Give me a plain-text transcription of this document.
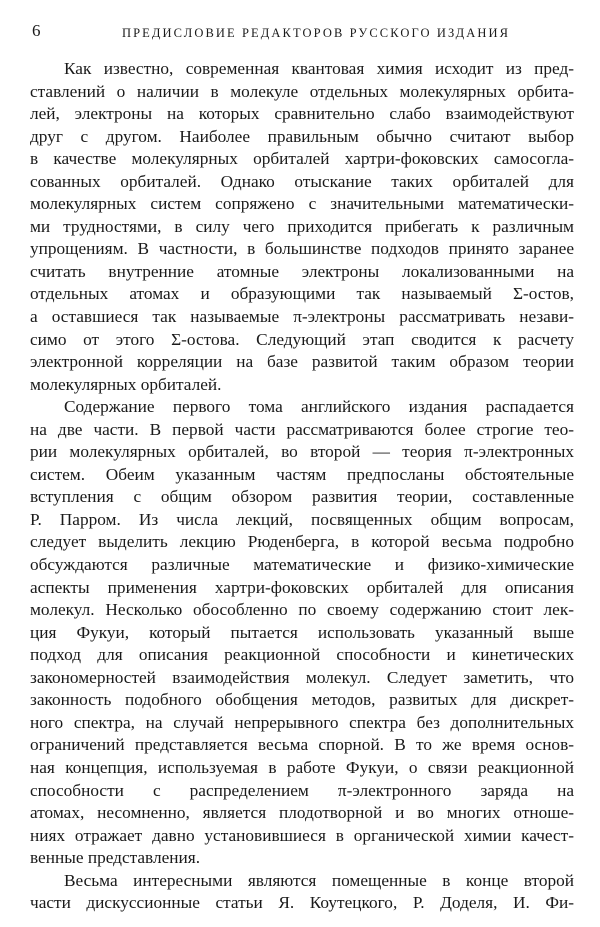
6	ПРЕДИСЛОВИЕ РЕДАКТОРОВ РУССКОГО ИЗДАНИЯ
Как известно, современная квантовая химия исходит из пред-
ставлений о наличии в молекуле отдельных молекулярных орбита-
лей, электроны на которых сравнительно слабо взаимодействуют
друг с другом. Наиболее правильным обычно считают выбор
в качестве молекулярных орбиталей хартри-фоковских самосогла-
сованных орбиталей. Однако отыскание таких орбиталей для
молекулярных систем сопряжено с значительными математически-
ми трудностями, в силу чего приходится прибегать к различным
упрощениям. В частности, в большинстве подходов принято заранее
считать внутренние атомные электроны локализованными на
отдельных атомах и образующими так называемый Σ-остов,
а оставшиеся так называемые π-электроны рассматривать незави-
симо от этого Σ-остова. Следующий этап сводится к расчету
электронной корреляции на базе развитой таким образом теории
молекулярных орбиталей.
Содержание первого тома английского издания распадается
на две части. В первой части рассматриваются более строгие тео-
рии молекулярных орбиталей, во второй — теория π-электронных
систем. Обеим указанным частям предпосланы обстоятельные
вступления с общим обзором развития теории, составленные
Р. Парром. Из числа лекций, посвященных общим вопросам,
следует выделить лекцию Рюденберга, в которой весьма подробно
обсуждаются различные математические и физико-химические
аспекты применения хартри-фоковских орбиталей для описания
молекул. Несколько обособленно по своему содержанию стоит лек-
ция Фукуи, который пытается использовать указанный выше
подход для описания реакционной способности и кинетических
закономерностей взаимодействия молекул. Следует заметить, что
законность подобного обобщения методов, развитых для дискрет-
ного спектра, на случай непрерывного спектра без дополнительных
ограничений представляется весьма спорной. В то же время основ-
ная концепция, используемая в работе Фукуи, о связи реакционной
способности с распределением π-электронного заряда на
атомах, несомненно, является плодотворной и во многих отноше-
ниях отражает давно установившиеся в органической химии качест-
венные представления.
Весьма интересными являются помещенные в конце второй
части дискуссионные статьи Я. Коутецкого, Р. Доделя, И. Фи-
